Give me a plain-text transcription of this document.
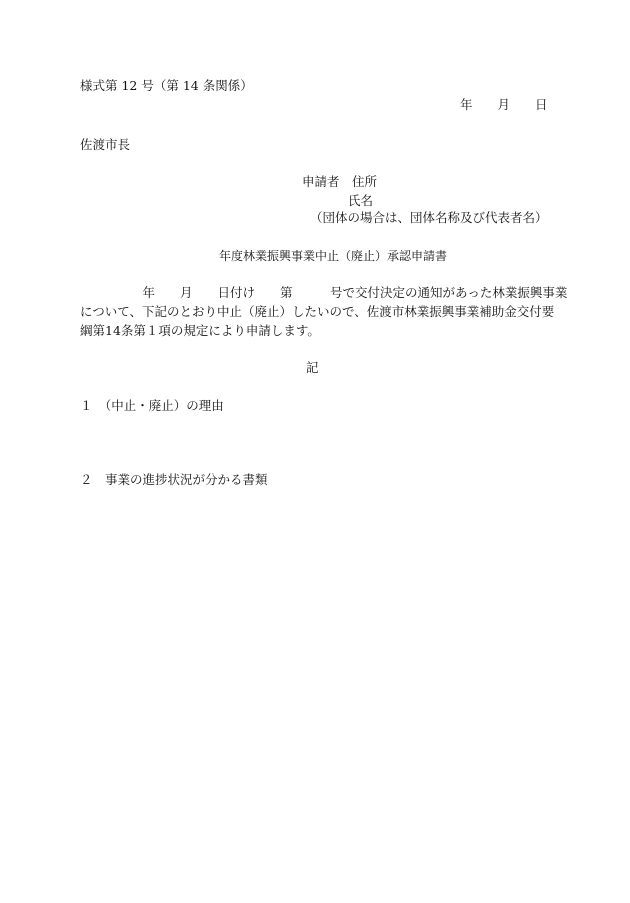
様式第 12 号（第 14 条関係）
年　　月　　日
佐渡市長
申請者　住所
氏名
（団体の場合は、団体名称及び代表者名）
年度林業振興事業中止（廃止）承認申請書
　　　　　年　　月　　日付け　　第　　　号で交付決定の通知があった林業振興事業
について、下記のとおり中止（廃止）したいので、佐渡市林業振興事業補助金交付要
綱第14条第１項の規定により申請します。
記
１　（中止・廃止）の理由
２　事業の進捗状況が分かる書類
